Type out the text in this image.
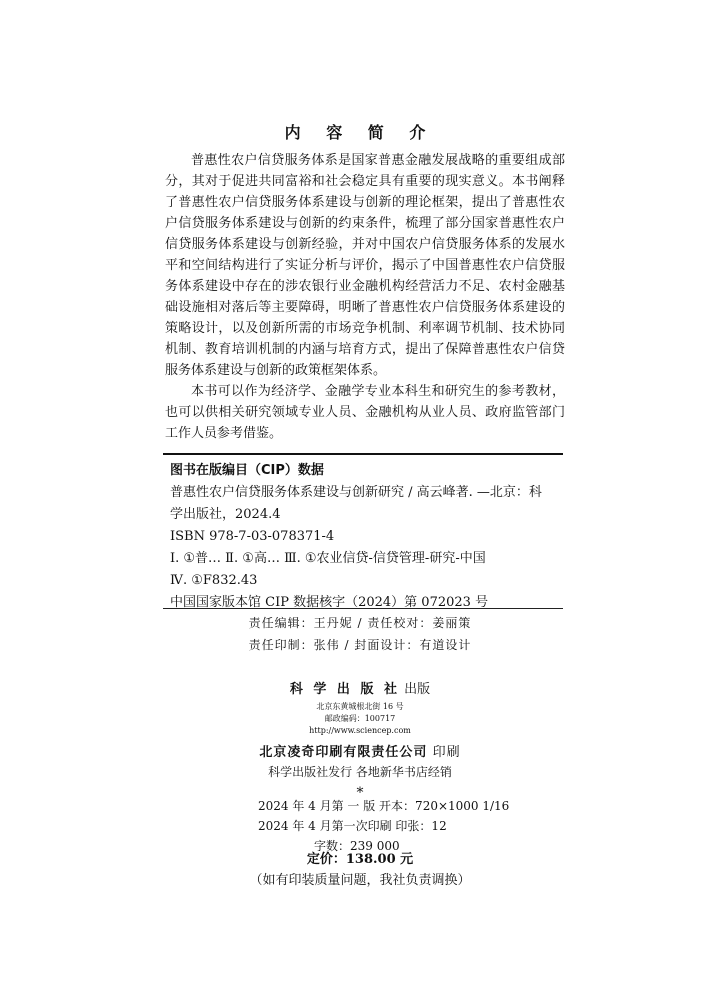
内 容 简 介

普惠性农户信贷服务体系是国家普惠金融发展战略的重要组成部分，其对于促进共同富裕和社会稳定具有重要的现实意义。本书阐释了普惠性农户信贷服务体系建设与创新的理论框架，提出了普惠性农户信贷服务体系建设与创新的约束条件，梳理了部分国家普惠性农户信贷服务体系建设与创新经验，并对中国农户信贷服务体系的发展水平和空间结构进行了实证分析与评价，揭示了中国普惠性农户信贷服务体系建设中存在的涉农银行业金融机构经营活力不足、农村金融基础设施相对落后等主要障碍，明晰了普惠性农户信贷服务体系建设的策略设计，以及创新所需的市场竞争机制、利率调节机制、技术协同机制、教育培训机制的内涵与培育方式，提出了保障普惠性农户信贷服务体系建设与创新的政策框架体系。

本书可以作为经济学、金融学专业本科生和研究生的参考教材，也可以供相关研究领域专业人员、金融机构从业人员、政府监管部门工作人员参考借鉴。

图书在版编目（CIP）数据
普惠性农户信贷服务体系建设与创新研究 / 高云峰著. —北京：科
学出版社，2024.4
ISBN 978-7-03-078371-4
Ⅰ. ①普… Ⅱ. ①高… Ⅲ. ①农业信贷-信贷管理-研究-中国
Ⅳ. ①F832.43
中国国家版本馆 CIP 数据核字（2024）第 072023 号
责任编辑：王丹妮 / 责任校对：姜丽策
责任印制：张伟 / 封面设计：有道设计
科 学 出 版 社 出版
北京东黄城根北街 16 号
邮政编码：100717
http://www.sciencep.com
北京凌奇印刷有限责任公司 印刷
科学出版社发行 各地新华书店经销
*
2024 年 4 月第 一 版 开本：720×1000 1/16
2024 年 4 月第一次印刷 印张：12
字数：239 000
定价：138.00 元
（如有印装质量问题，我社负责调换）
